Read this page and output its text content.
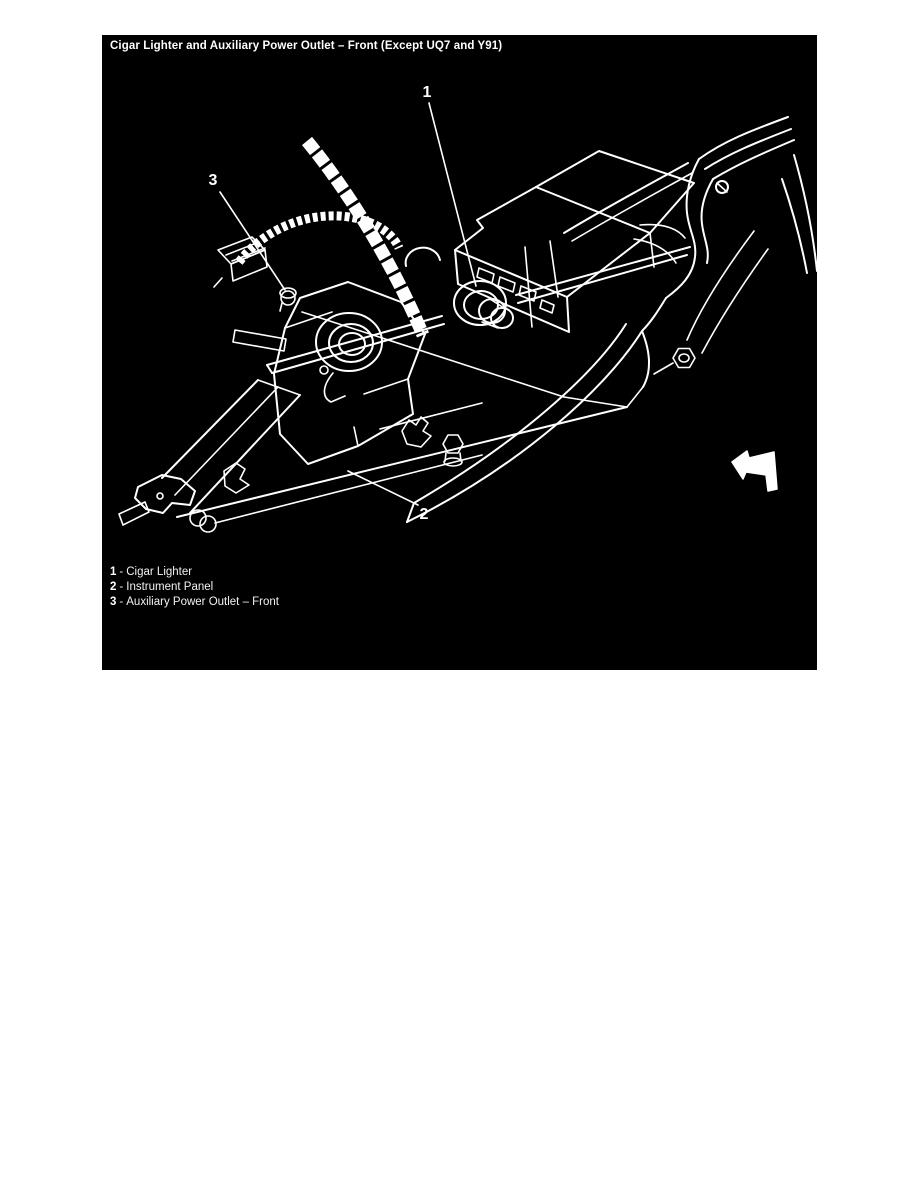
Cigar Lighter and Auxiliary Power Outlet – Front (Except UQ7 and Y91)
1
2
3
1 - Cigar Lighter
2 - Instrument Panel
3 - Auxiliary Power Outlet – Front
